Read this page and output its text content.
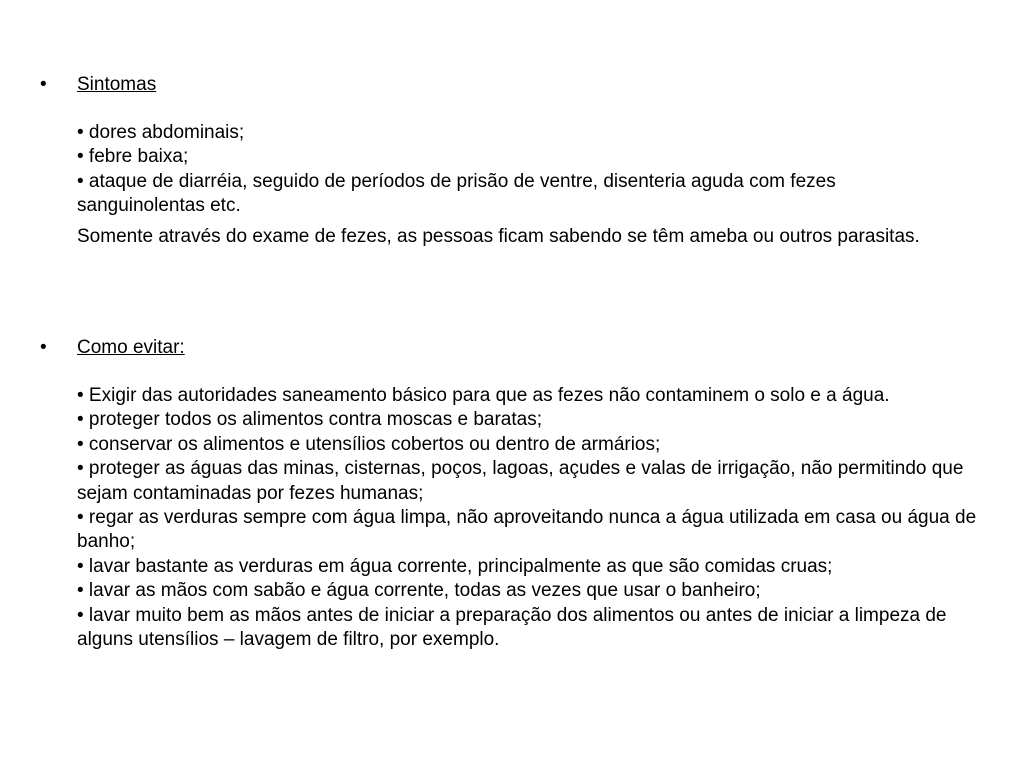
•	Sintomas

• dores abdominais;

• febre baixa;

• ataque de diarréia, seguido de períodos de prisão de ventre, disenteria aguda com fezes

sanguinolentas etc.

Somente através do exame de fezes, as pessoas ficam sabendo se têm ameba ou outros parasitas.

•	Como evitar:

• Exigir das autoridades saneamento básico para que as fezes não contaminem o solo e a água.

• proteger todos os alimentos contra moscas e baratas;

• conservar os alimentos e utensílios cobertos ou dentro de armários;

• proteger as águas das minas, cisternas, poços, lagoas, açudes e valas de irrigação, não permitindo que sejam contaminadas por fezes humanas;

• regar as verduras sempre com água limpa, não aproveitando nunca a água utilizada em casa ou água de banho;

• lavar bastante as verduras em água corrente, principalmente as que são comidas cruas;

• lavar as mãos com sabão e água corrente, todas as vezes que usar o banheiro;

• lavar muito bem as mãos antes de iniciar a preparação dos alimentos ou antes de iniciar a limpeza de alguns utensílios – lavagem de filtro, por exemplo.
